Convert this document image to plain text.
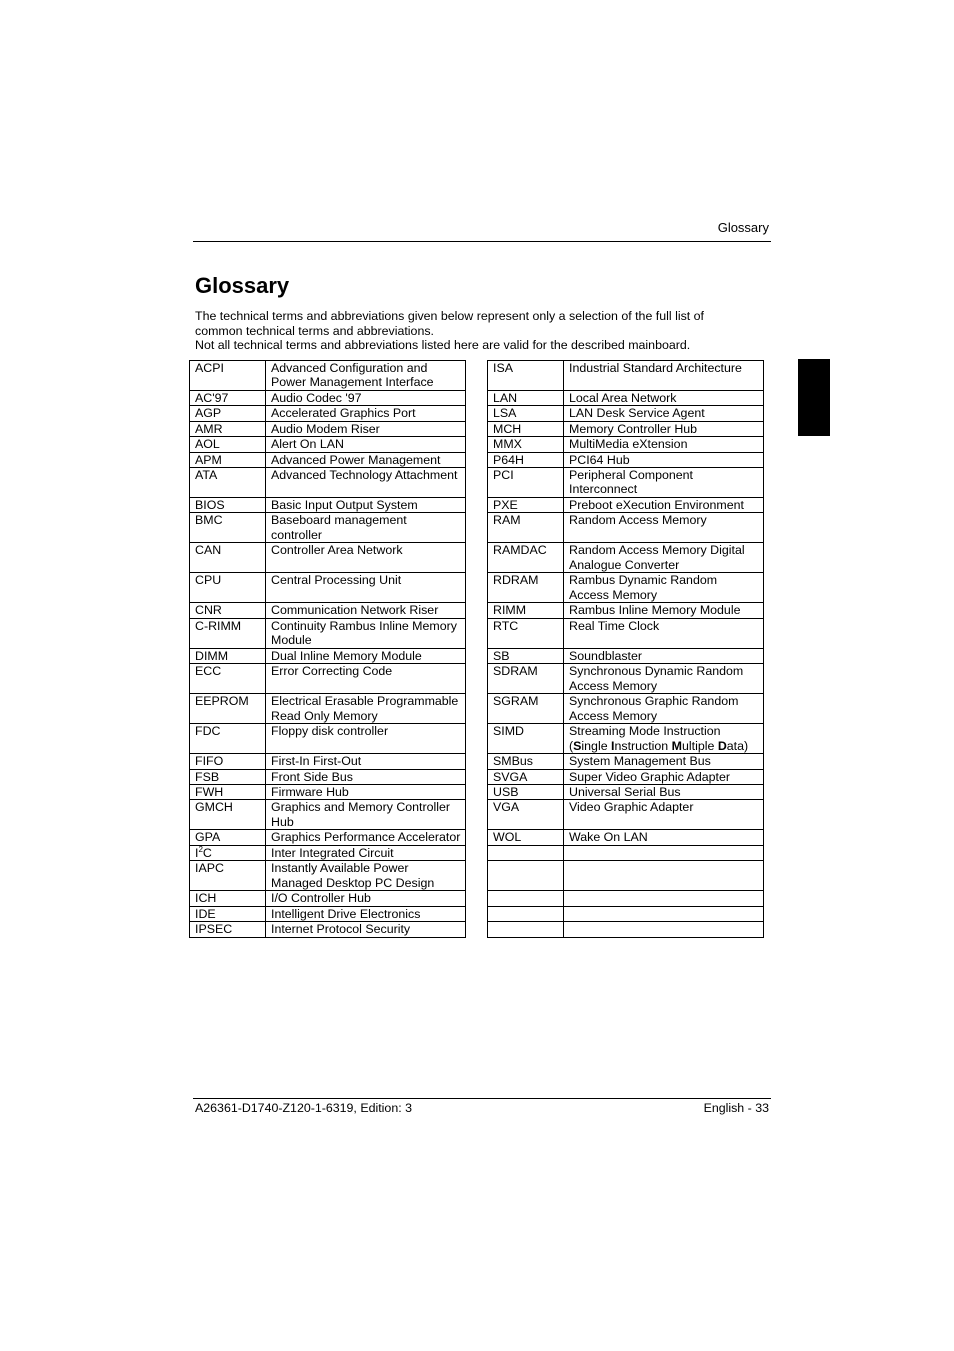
Glossary
Glossary
The technical terms and abbreviations given below represent only a selection of the full list of
common technical terms and abbreviations.
Not all technical terms and abbreviations listed here are valid for the described mainboard.
ACPI	Advanced Configuration and Power Management Interface
AC'97	Audio Codec '97
AGP	Accelerated Graphics Port
AMR	Audio Modem Riser
AOL	Alert On LAN
APM	Advanced Power Management
ATA	Advanced Technology Attachment
BIOS	Basic Input Output System
BMC	Baseboard management controller
CAN	Controller Area Network
CPU	Central Processing Unit
CNR	Communication Network Riser
C-RIMM	Continuity Rambus Inline Memory Module
DIMM	Dual Inline Memory Module
ECC	Error Correcting Code
EEPROM	Electrical Erasable Programmable Read Only Memory
FDC	Floppy disk controller
FIFO	First-In First-Out
FSB	Front Side Bus
FWH	Firmware Hub
GMCH	Graphics and Memory Controller Hub
GPA	Graphics Performance Accelerator
$I^2C$	Inter Integrated Circuit
IAPC	Instantly Available Power Managed Desktop PC Design
ICH	I/O Controller Hub
IDE	Intelligent Drive Electronics
IPSEC	Internet Protocol Security
ISA	Industrial Standard Architecture
LAN	Local Area Network
LSA	LAN Desk Service Agent
MCH	Memory Controller Hub
MMX	MultiMedia eXtension
P64H	PCI64 Hub
PCI	Peripheral Component Interconnect
PXE	Preboot eXecution Environment
RAM	Random Access Memory
RAMDAC	Random Access Memory Digital Analogue Converter
RDRAM	Rambus Dynamic Random Access Memory
RIMM	Rambus Inline Memory Module
RTC	Real Time Clock
SB	Soundblaster
SDRAM	Synchronous Dynamic Random Access Memory
SGRAM	Synchronous Graphic Random Access Memory
SIMD	Streaming Mode Instruction (Single Instruction Multiple Data)
SMBus	System Management Bus
SVGA	Super Video Graphic Adapter
USB	Universal Serial Bus
VGA	Video Graphic Adapter
WOL	Wake On LAN

A26361-D1740-Z120-1-6319, Edition: 3	English - 33
